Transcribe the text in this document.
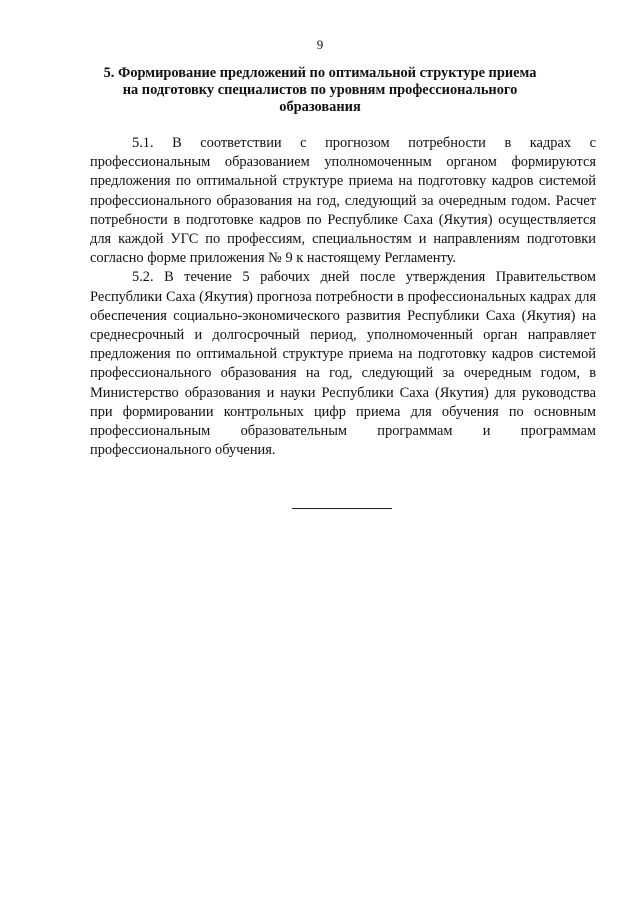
9
5. Формирование предложений по оптимальной структуре приема
на подготовку специалистов по уровням профессионального
образования

5.1. В соответствии с прогнозом потребности в кадрах с профессиональным образованием уполномоченным органом формируются предложения по оптимальной структуре приема на подготовку кадров системой профессионального образования на год, следующий за очередным годом. Расчет потребности в подготовке кадров по Республике Саха (Якутия) осуществляется для каждой УГС по профессиям, специальностям и направлениям подготовки согласно форме приложения № 9 к настоящему Регламенту.

5.2. В течение 5 рабочих дней после утверждения Правительством Республики Саха (Якутия) прогноза потребности в профессиональных кадрах для обеспечения социально-экономического развития Республики Саха (Якутия) на среднесрочный и долгосрочный период, уполномоченный орган направляет предложения по оптимальной структуре приема на подготовку кадров системой профессионального образования на год, следующий за очередным годом, в Министерство образования и науки Республики Саха (Якутия) для руководства при формировании контрольных цифр приема для обучения по основным профессиональным образовательным программам и программам профессионального обучения.
